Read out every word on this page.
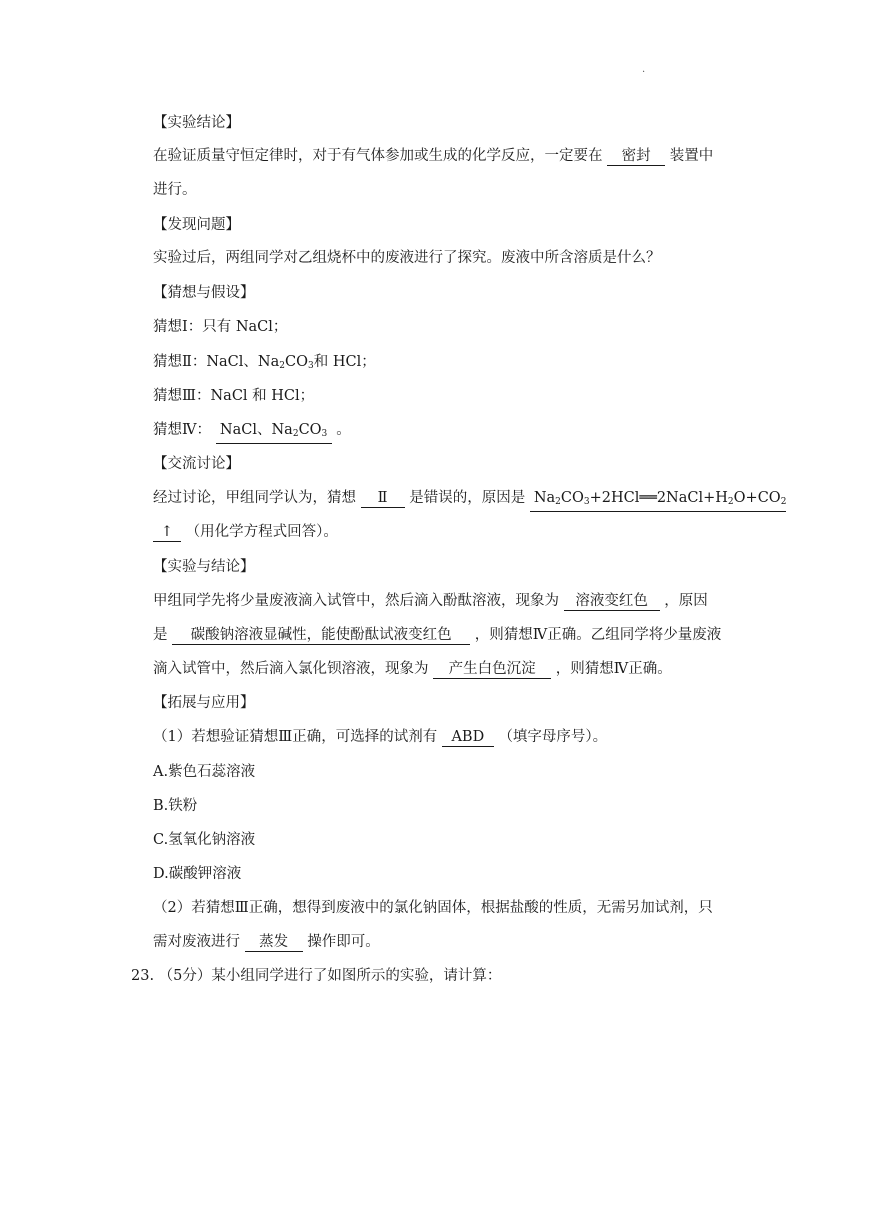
.
【实验结论】
在验证质量守恒定律时，对于有气体参加或生成的化学反应，一定要在 密封 装置中
进行。
【发现问题】
实验过后，两组同学对乙组烧杯中的废液进行了探究。废液中所含溶质是什么？
【猜想与假设】
猜想Ⅰ：只有 NaCl；
猜想Ⅱ：NaCl、$Na_2CO_3$和 HCl；
猜想Ⅲ：NaCl 和 HCl；
猜想Ⅳ： NaCl、$Na_2CO_3$ 。
【交流讨论】
经过讨论，甲组同学认为，猜想 Ⅱ 是错误的，原因是 $Na_2CO_3+2HCl══2NaCl+H_2O+CO_2$
↑ （用化学方程式回答）。
【实验与结论】
甲组同学先将少量废液滴入试管中，然后滴入酚酞溶液，现象为 溶液变红色 ，原因
是 碳酸钠溶液显碱性，能使酚酞试液变红色 ，则猜想Ⅳ正确。乙组同学将少量废液
滴入试管中，然后滴入氯化钡溶液，现象为 产生白色沉淀 ，则猜想Ⅳ正确。
【拓展与应用】
（1）若想验证猜想Ⅲ正确，可选择的试剂有 ABD （填字母序号）。
A.紫色石蕊溶液
B.铁粉
C.氢氧化钠溶液
D.碳酸钾溶液
（2）若猜想Ⅲ正确，想得到废液中的氯化钠固体，根据盐酸的性质，无需另加试剂，只
需对废液进行 蒸发 操作即可。
23. （5分）某小组同学进行了如图所示的实验，请计算：
